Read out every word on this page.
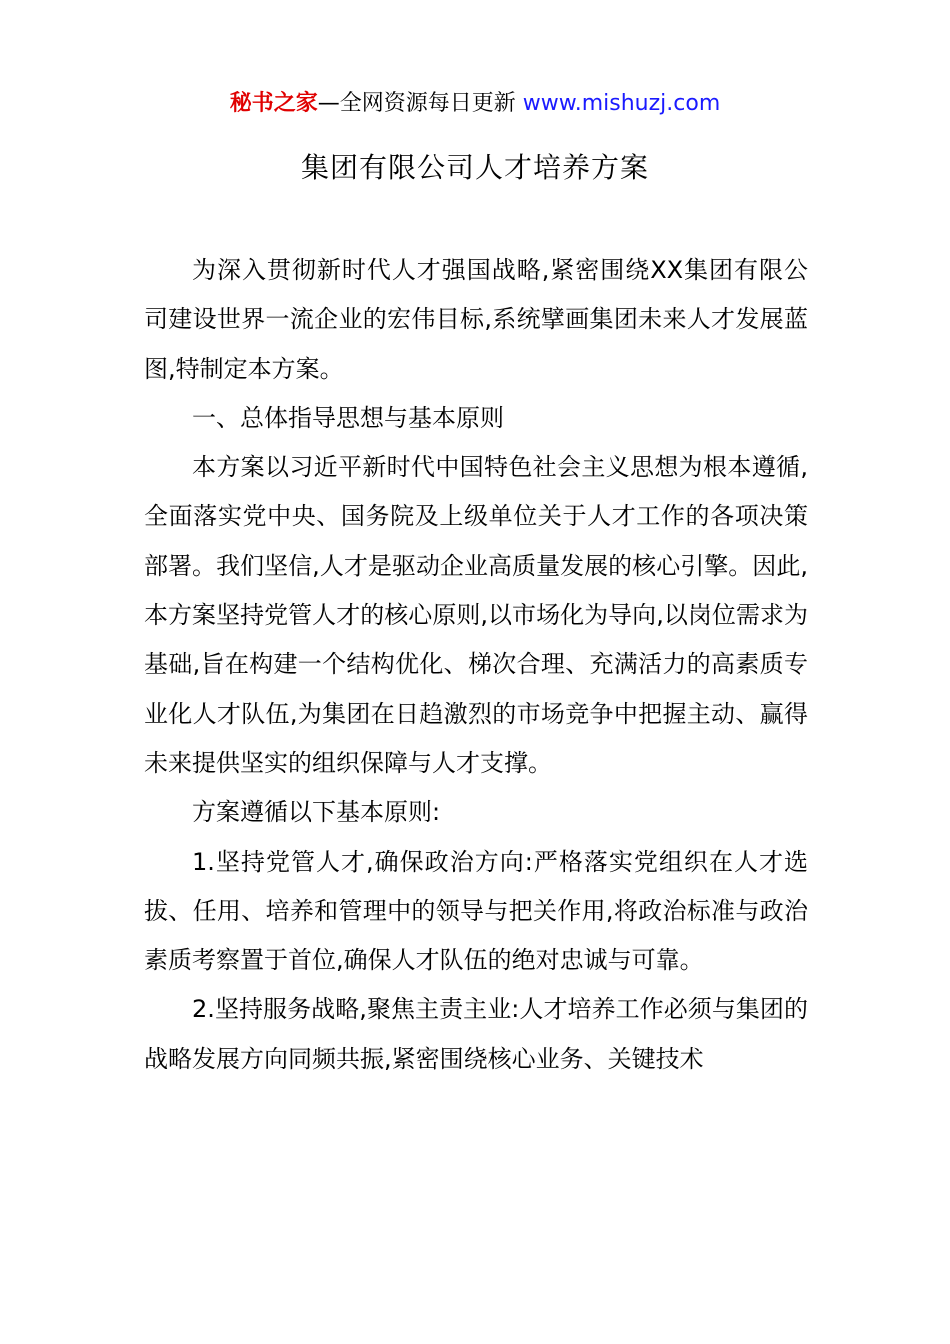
秘书之家—全网资源每日更新 www.mishuzj.com
集团有限公司人才培养方案

为深入贯彻新时代人才强国战略,紧密围绕XX集团有限公司建设世界一流企业的宏伟目标,系统擘画集团未来人才发展蓝图,特制定本方案。

一、总体指导思想与基本原则

本方案以习近平新时代中国特色社会主义思想为根本遵循,全面落实党中央、国务院及上级单位关于人才工作的各项决策部署。我们坚信,人才是驱动企业高质量发展的核心引擎。因此,本方案坚持党管人才的核心原则,以市场化为导向,以岗位需求为基础,旨在构建一个结构优化、梯次合理、充满活力的高素质专业化人才队伍,为集团在日趋激烈的市场竞争中把握主动、赢得未来提供坚实的组织保障与人才支撑。

方案遵循以下基本原则:

1.坚持党管人才,确保政治方向:严格落实党组织在人才选拔、任用、培养和管理中的领导与把关作用,将政治标准与政治素质考察置于首位,确保人才队伍的绝对忠诚与可靠。

2.坚持服务战略,聚焦主责主业:人才培养工作必须与集团的战略发展方向同频共振,紧密围绕核心业务、关键技术
